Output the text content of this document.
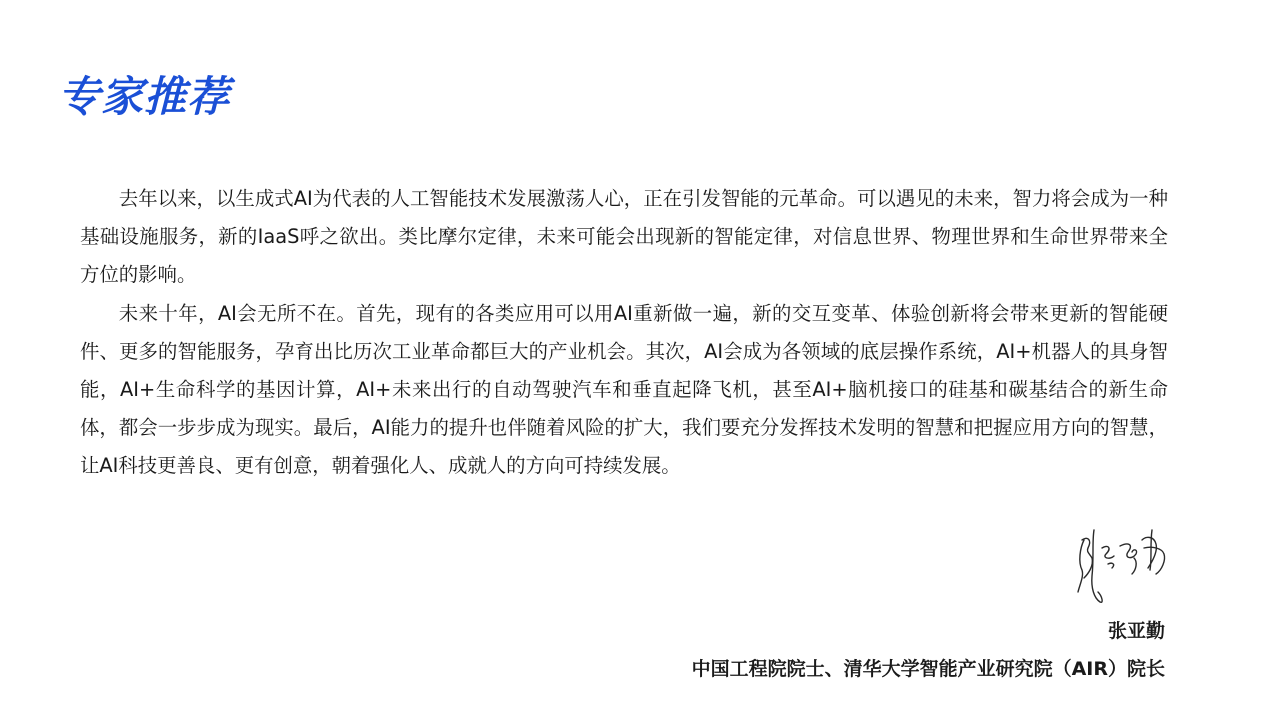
专家推荐

去年以来，以生成式AI为代表的人工智能技术发展激荡人心，正在引发智能的元革命。可以遇见的未来，智力将会成为一种基础设施服务，新的IaaS呼之欲出。类比摩尔定律，未来可能会出现新的智能定律，对信息世界、物理世界和生命世界带来全方位的影响。

未来十年，AI会无所不在。首先，现有的各类应用可以用AI重新做一遍，新的交互变革、体验创新将会带来更新的智能硬件、更多的智能服务，孕育出比历次工业革命都巨大的产业机会。其次，AI会成为各领域的底层操作系统，AI+机器人的具身智能，AI+生命科学的基因计算，AI+未来出行的自动驾驶汽车和垂直起降飞机，甚至AI+脑机接口的硅基和碳基结合的新生命体，都会一步步成为现实。最后，AI能力的提升也伴随着风险的扩大，我们要充分发挥技术发明的智慧和把握应用方向的智慧，让AI科技更善良、更有创意，朝着强化人、成就人的方向可持续发展。

张亚勤
中国工程院院士、清华大学智能产业研究院（AIR）院长
